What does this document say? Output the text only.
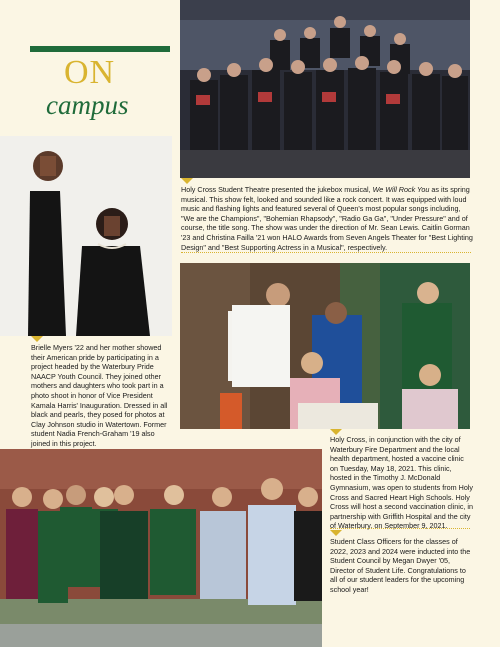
ON
campus
Holy Cross Student Theatre presented the jukebox musical, We Will Rock You as its spring musical. This show felt, looked and sounded like a rock concert. It was equipped with loud music and flashing lights and featured several of Queen's most popular songs including, "We are the Champions", "Bohemian Rhapsody", "Radio Ga Ga", "Under Pressure" and of course, the title song. The show was under the direction of Mr. Sean Lewis. Caitlin Gorman '23 and Christina Failla '21 won HALO Awards from Seven Angels Theater for "Best Lighting Design" and "Best Supporting Actress in a Musical", respectively.
Brielle Myers '22 and her mother showed their American pride by participating in a project headed by the Waterbury Pride NAACP Youth Council. They joined other mothers and daughters who took part in a photo shoot in honor of Vice President Kamala Harris' Inauguration. Dressed in all black and pearls, they posed for photos at Clay Johnson studio in Watertown. Former student Nadia French-Graham '19 also joined in this project.	Holy Cross, in conjunction with the city of Waterbury Fire Department and the local health department, hosted a vaccine clinic on Tuesday, May 18, 2021. This clinic, hosted in the Timothy J. McDonald Gymnasium, was open to students from Holy Cross and Sacred Heart High Schools. Holy Cross will host a second vaccination clinic, in partnership with Griffith Hospital and the city of Waterbury, on September 9, 2021.
Student Class Officers for the classes of 2022, 2023 and 2024 were inducted into the Student Council by Megan Dwyer '05, Director of Student Life. Congratulations to all of our student leaders for the upcoming school year!
